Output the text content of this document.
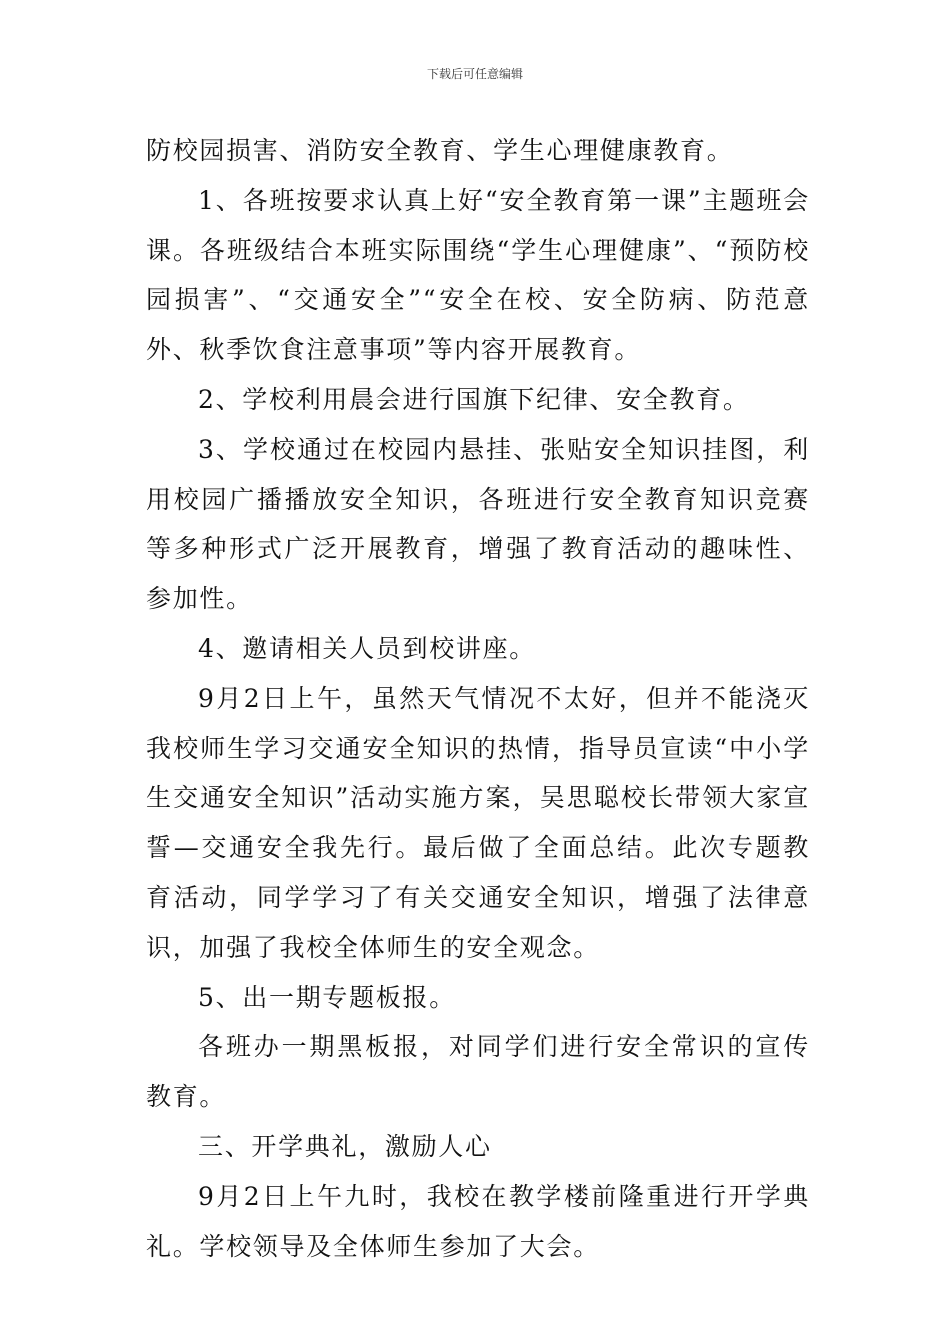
下载后可任意编辑

防校园损害、消防安全教育、学生心理健康教育。

1、各班按要求认真上好“安全教育第一课”主题班会课。各班级结合本班实际围绕“学生心理健康”、“预防校园损害”、“交通安全”“安全在校、安全防病、防范意外、秋季饮食注意事项”等内容开展教育。

2、学校利用晨会进行国旗下纪律、安全教育。

3、学校通过在校园内悬挂、张贴安全知识挂图，利用校园广播播放安全知识，各班进行安全教育知识竞赛等多种形式广泛开展教育，增强了教育活动的趣味性、参加性。

4、邀请相关人员到校讲座。

9月2日上午，虽然天气情况不太好，但并不能浇灭我校师生学习交通安全知识的热情，指导员宣读“中小学生交通安全知识”活动实施方案，吴思聪校长带领大家宣誓—交通安全我先行。最后做了全面总结。此次专题教育活动，同学学习了有关交通安全知识，增强了法律意识，加强了我校全体师生的安全观念。

5、出一期专题板报。

各班办一期黑板报，对同学们进行安全常识的宣传教育。

三、开学典礼，激励人心

9月2日上午九时，我校在教学楼前隆重进行开学典礼。学校领导及全体师生参加了大会。
